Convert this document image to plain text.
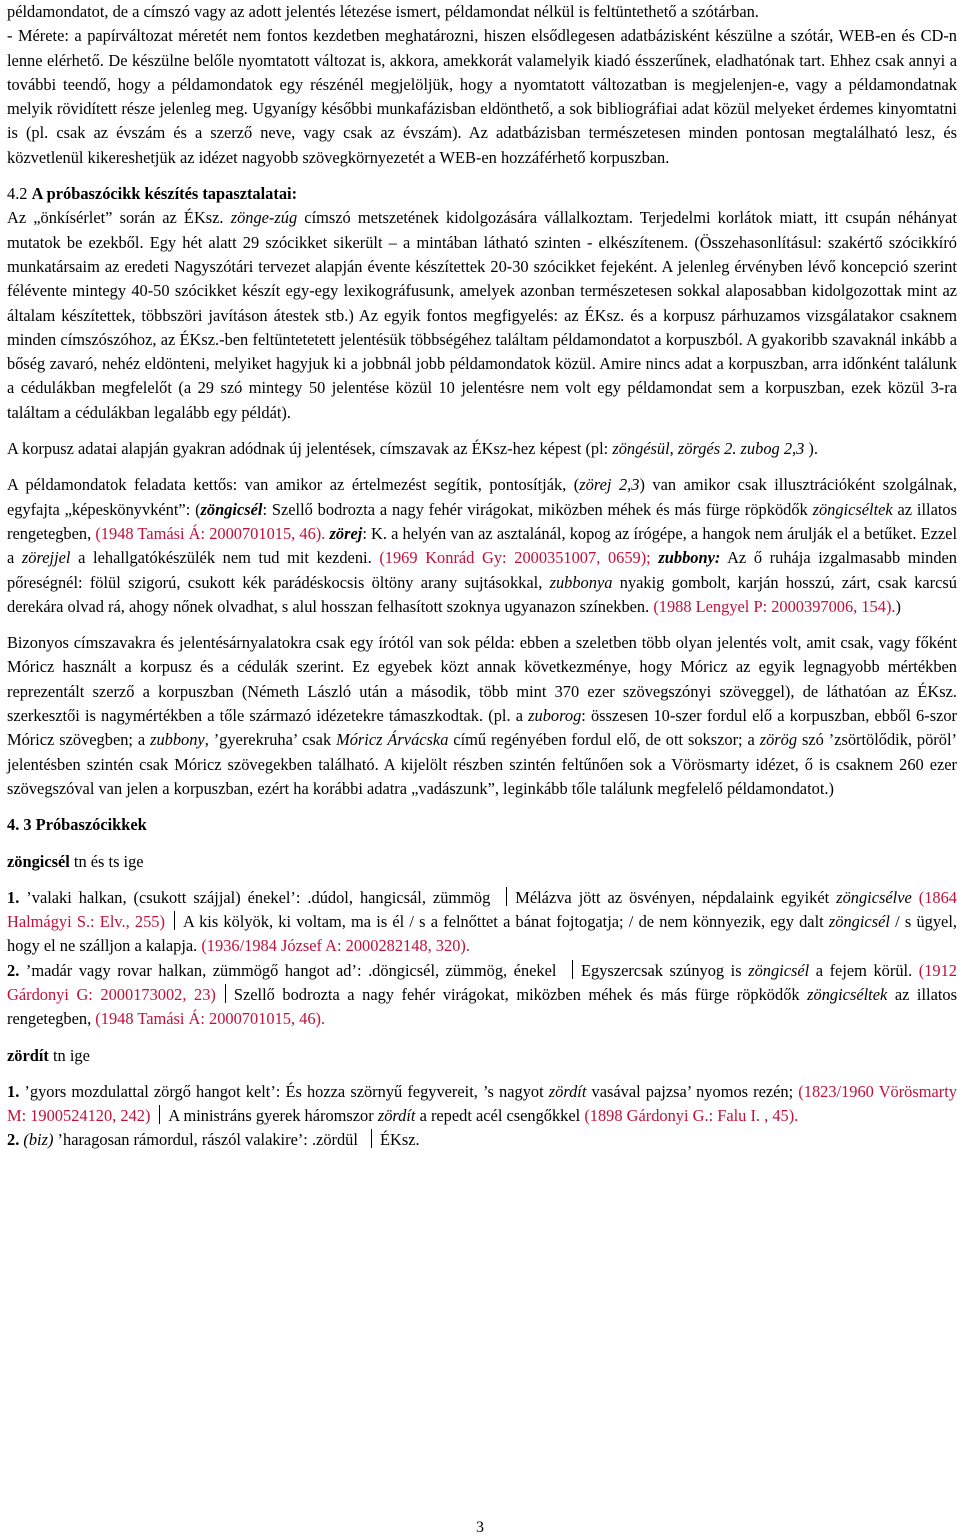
példamondatot, de a címszó vagy az adott jelentés létezése ismert, példamondat nélkül is feltüntethető a szótárban.

- Mérete: a papírváltozat méretét nem fontos kezdetben meghatározni, hiszen elsődlegesen adatbázisként készülne a szótár, WEB-en és CD-n lenne elérhető. De készülne belőle nyomtatott változat is, akkora, amekkorát valamelyik kiadó ésszerűnek, eladhatónak tart. Ehhez csak annyi a további teendő, hogy a példamondatok egy részénél megjelöljük, hogy a nyomtatott változatban is megjelenjen-e, vagy a példamondatnak melyik rövidített része jelenleg meg. Ugyanígy későbbi munkafázisban eldönthető, a sok bibliográfiai adat közül melyeket érdemes kinyomtatni is (pl. csak az évszám és a szerző neve, vagy csak az évszám). Az adatbázisban természetesen minden pontosan megtalálható lesz, és közvetlenül kikereshetjük az idézet nagyobb szövegkörnyezetét a WEB-en hozzáférhető korpuszban.

4.2 A próbaszócikk készítés tapasztalatai:

Az „önkísérlet” során az ÉKsz. zönge-zúg címszó metszetének kidolgozására vállalkoztam. Terjedelmi korlátok miatt, itt csupán néhányat mutatok be ezekből. Egy hét alatt 29 szócikket sikerült – a mintában látható szinten - elkészítenem. (Összehasonlításul: szakértő szócikkíró munkatársaim az eredeti Nagyszótári tervezet alapján évente készítettek 20-30 szócikket fejeként. A jelenleg érvényben lévő koncepció szerint félévente mintegy 40-50 szócikket készít egy-egy lexikográfusunk, amelyek azonban természetesen sokkal alaposabban kidolgozottak mint az általam készítettek, többszöri javításon átestek stb.) Az egyik fontos megfigyelés: az ÉKsz. és a korpusz párhuzamos vizsgálatakor csaknem minden címszószóhoz, az ÉKsz.-ben feltüntetetett jelentésük többségéhez találtam példamondatot a korpuszból. A gyakoribb szavaknál inkább a bőség zavaró, nehéz eldönteni, melyiket hagyjuk ki a jobbnál jobb példamondatok közül. Amire nincs adat a korpuszban, arra időnként találunk a cédulákban megfelelőt (a 29 szó mintegy 50 jelentése közül 10 jelentésre nem volt egy példamondat sem a korpuszban, ezek közül 3-ra találtam a cédulákban legalább egy példát).

A korpusz adatai alapján gyakran adódnak új jelentések, címszavak az ÉKsz-hez képest (pl: zöngésül, zörgés 2. zubog 2,3 ).

A példamondatok feladata kettős: van amikor az értelmezést segítik, pontosítják, (zörej 2,3) van amikor csak illusztrációként szolgálnak, egyfajta „képeskönyvként”: (zöngicsél: Szellő bodrozta a nagy fehér virágokat, miközben méhek és más fürge röpködők zöngicséltek az illatos rengetegben, (1948 Tamási Á: 2000701015, 46). zörej: K. a helyén van az asztalánál, kopog az írógépe, a hangok nem árulják el a betűket. Ezzel a zörejjel a lehallgatókészülék nem tud mit kezdeni. (1969 Konrád Gy: 2000351007, 0659); zubbony: Az ő ruhája izgalmasabb minden pőreségnél: fölül szigorú, csukott kék parádéskocsis öltöny arany sujtásokkal, zubbonya nyakig gombolt, karján hosszú, zárt, csak karcsú derekára olvad rá, ahogy nőnek olvadhat, s alul hosszan felhasított szoknya ugyanazon színekben. (1988 Lengyel P: 2000397006, 154).)

Bizonyos címszavakra és jelentésárnyalatokra csak egy írótól van sok példa: ebben a szeletben több olyan jelentés volt, amit csak, vagy főként Móricz használt a korpusz és a cédulák szerint. Ez egyebek közt annak következménye, hogy Móricz az egyik legnagyobb mértékben reprezentált szerző a korpuszban (Németh László után a második, több mint 370 ezer szövegszónyi szöveggel), de láthatóan az ÉKsz. szerkesztői is nagymértékben a tőle származó idézetekre támaszkodtak. (pl. a zuborog: összesen 10-szer fordul elő a korpuszban, ebből 6-szor Móricz szövegben; a zubbony, ’gyerekruha’ csak Móricz Árvácska című regényében fordul elő, de ott sokszor; a zörög szó ’zsörtölődik, pöröl’ jelentésben szintén csak Móricz szövegekben található. A kijelölt részben szintén feltűnően sok a Vörösmarty idézet, ő is csaknem 260 ezer szövegszóval van jelen a korpuszban, ezért ha korábbi adatra „vadászunk”, leginkább tőle találunk megfelelő példamondatot.)

4. 3 Próbaszócikkek

zöngicsél tn és ts ige

1. ’valaki halkan, (csukott szájjal) énekel’: .dúdol, hangicsál, zümmög Mélázva jött az ösvényen, népdalaink egyikét zöngicsélve (1864 Halmágyi S.: Elv., 255) A kis kölyök, ki voltam, ma is él / s a felnőttet a bánat fojtogatja; / de nem könnyezik, egy dalt zöngicsél / s ügyel, hogy el ne szálljon a kalapja. (1936/1984 József A: 2000282148, 320).

2. ’madár vagy rovar halkan, zümmögő hangot ad’: .döngicsél, zümmög, énekel Egyszercsak szúnyog is zöngicsél a fejem körül. (1912 Gárdonyi G: 2000173002, 23) Szellő bodrozta a nagy fehér virágokat, miközben méhek és más fürge röpködők zöngicséltek az illatos rengetegben, (1948 Tamási Á: 2000701015, 46).

zördít tn ige

1. ’gyors mozdulattal zörgő hangot kelt’: És hozza szörnyű fegyvereit, ’s nagyot zördít vasával pajzsa’ nyomos rezén; (1823/1960 Vörösmarty M: 1900524120, 242) A ministráns gyerek háromszor zördít a repedt acél csengőkkel (1898 Gárdonyi G.: Falu I. , 45).

2. (biz) ’haragosan rámordul, rászól valakire’: .zördül ÉKsz.

3
